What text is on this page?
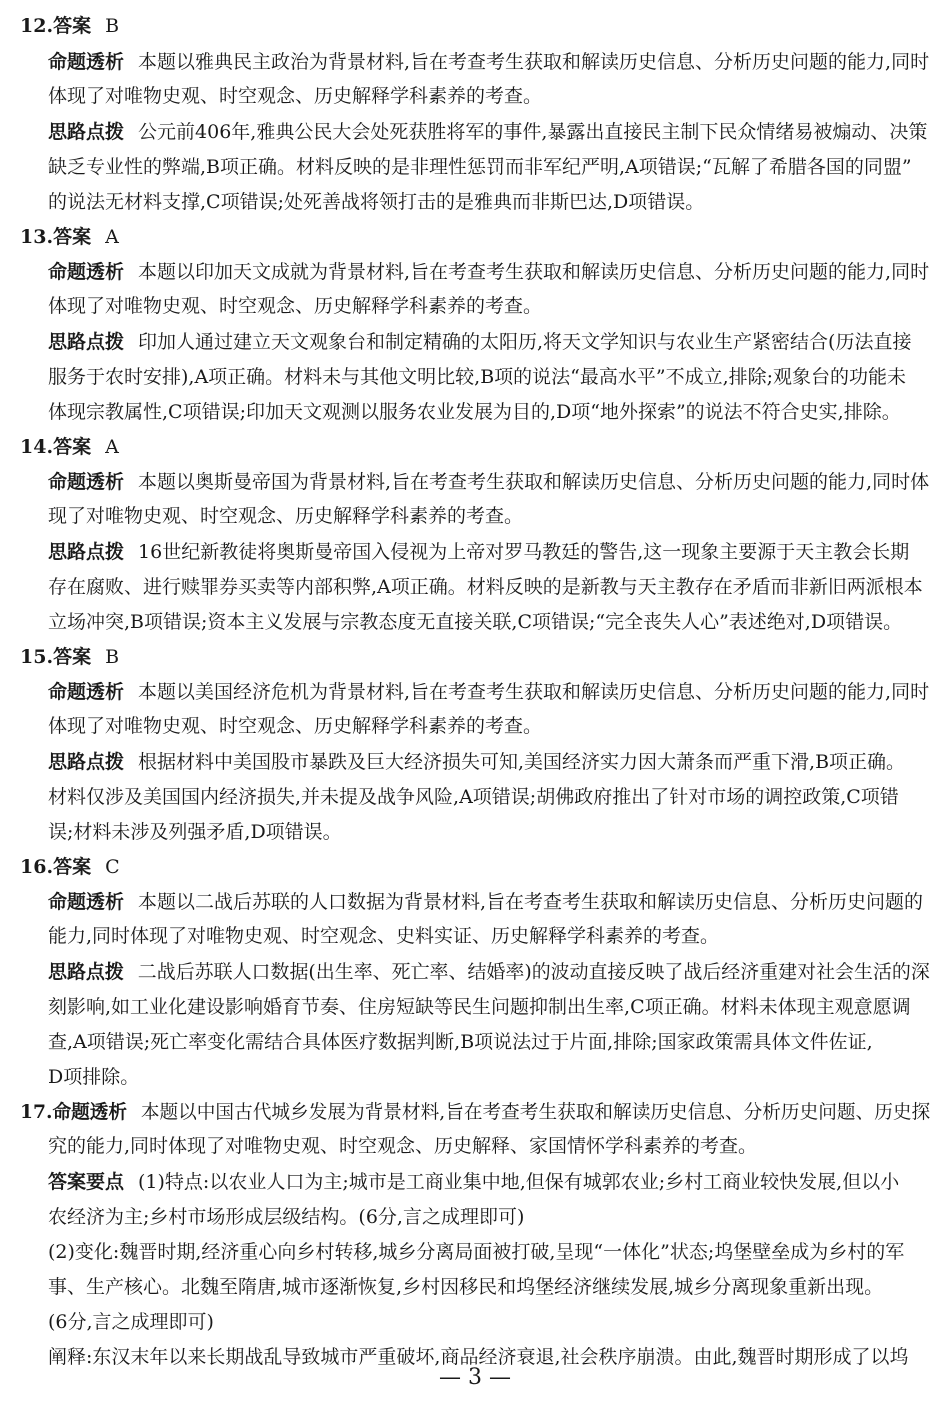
12.答案 B
命题透析 本题以雅典民主政治为背景材料,旨在考查考生获取和解读历史信息、分析历史问题的能力,同时
体现了对唯物史观、时空观念、历史解释学科素养的考查。
思路点拨 公元前406年,雅典公民大会处死获胜将军的事件,暴露出直接民主制下民众情绪易被煽动、决策
缺乏专业性的弊端,B项正确。材料反映的是非理性惩罚而非军纪严明,A项错误;“瓦解了希腊各国的同盟”
的说法无材料支撑,C项错误;处死善战将领打击的是雅典而非斯巴达,D项错误。
13.答案 A
命题透析 本题以印加天文成就为背景材料,旨在考查考生获取和解读历史信息、分析历史问题的能力,同时
体现了对唯物史观、时空观念、历史解释学科素养的考查。
思路点拨 印加人通过建立天文观象台和制定精确的太阳历,将天文学知识与农业生产紧密结合(历法直接
服务于农时安排),A项正确。材料未与其他文明比较,B项的说法“最高水平”不成立,排除;观象台的功能未
体现宗教属性,C项错误;印加天文观测以服务农业发展为目的,D项“地外探索”的说法不符合史实,排除。
14.答案 A
命题透析 本题以奥斯曼帝国为背景材料,旨在考查考生获取和解读历史信息、分析历史问题的能力,同时体
现了对唯物史观、时空观念、历史解释学科素养的考查。
思路点拨 16世纪新教徒将奥斯曼帝国入侵视为上帝对罗马教廷的警告,这一现象主要源于天主教会长期
存在腐败、进行赎罪券买卖等内部积弊,A项正确。材料反映的是新教与天主教存在矛盾而非新旧两派根本
立场冲突,B项错误;资本主义发展与宗教态度无直接关联,C项错误;“完全丧失人心”表述绝对,D项错误。
15.答案 B
命题透析 本题以美国经济危机为背景材料,旨在考查考生获取和解读历史信息、分析历史问题的能力,同时
体现了对唯物史观、时空观念、历史解释学科素养的考查。
思路点拨 根据材料中美国股市暴跌及巨大经济损失可知,美国经济实力因大萧条而严重下滑,B项正确。
材料仅涉及美国国内经济损失,并未提及战争风险,A项错误;胡佛政府推出了针对市场的调控政策,C项错
误;材料未涉及列强矛盾,D项错误。
16.答案 C
命题透析 本题以二战后苏联的人口数据为背景材料,旨在考查考生获取和解读历史信息、分析历史问题的
能力,同时体现了对唯物史观、时空观念、史料实证、历史解释学科素养的考查。
思路点拨 二战后苏联人口数据(出生率、死亡率、结婚率)的波动直接反映了战后经济重建对社会生活的深
刻影响,如工业化建设影响婚育节奏、住房短缺等民生问题抑制出生率,C项正确。材料未体现主观意愿调
查,A项错误;死亡率变化需结合具体医疗数据判断,B项说法过于片面,排除;国家政策需具体文件佐证,
D项排除。
17.命题透析 本题以中国古代城乡发展为背景材料,旨在考查考生获取和解读历史信息、分析历史问题、历史探
究的能力,同时体现了对唯物史观、时空观念、历史解释、家国情怀学科素养的考查。
答案要点 (1)特点:以农业人口为主;城市是工商业集中地,但保有城郭农业;乡村工商业较快发展,但以小
农经济为主;乡村市场形成层级结构。(6分,言之成理即可)
(2)变化:魏晋时期,经济重心向乡村转移,城乡分离局面被打破,呈现“一体化”状态;坞堡壁垒成为乡村的军
事、生产核心。北魏至隋唐,城市逐渐恢复,乡村因移民和坞堡经济继续发展,城乡分离现象重新出现。
(6分,言之成理即可)
阐释:东汉末年以来长期战乱导致城市严重破坏,商品经济衰退,社会秩序崩溃。由此,魏晋时期形成了以坞
— 3 —
